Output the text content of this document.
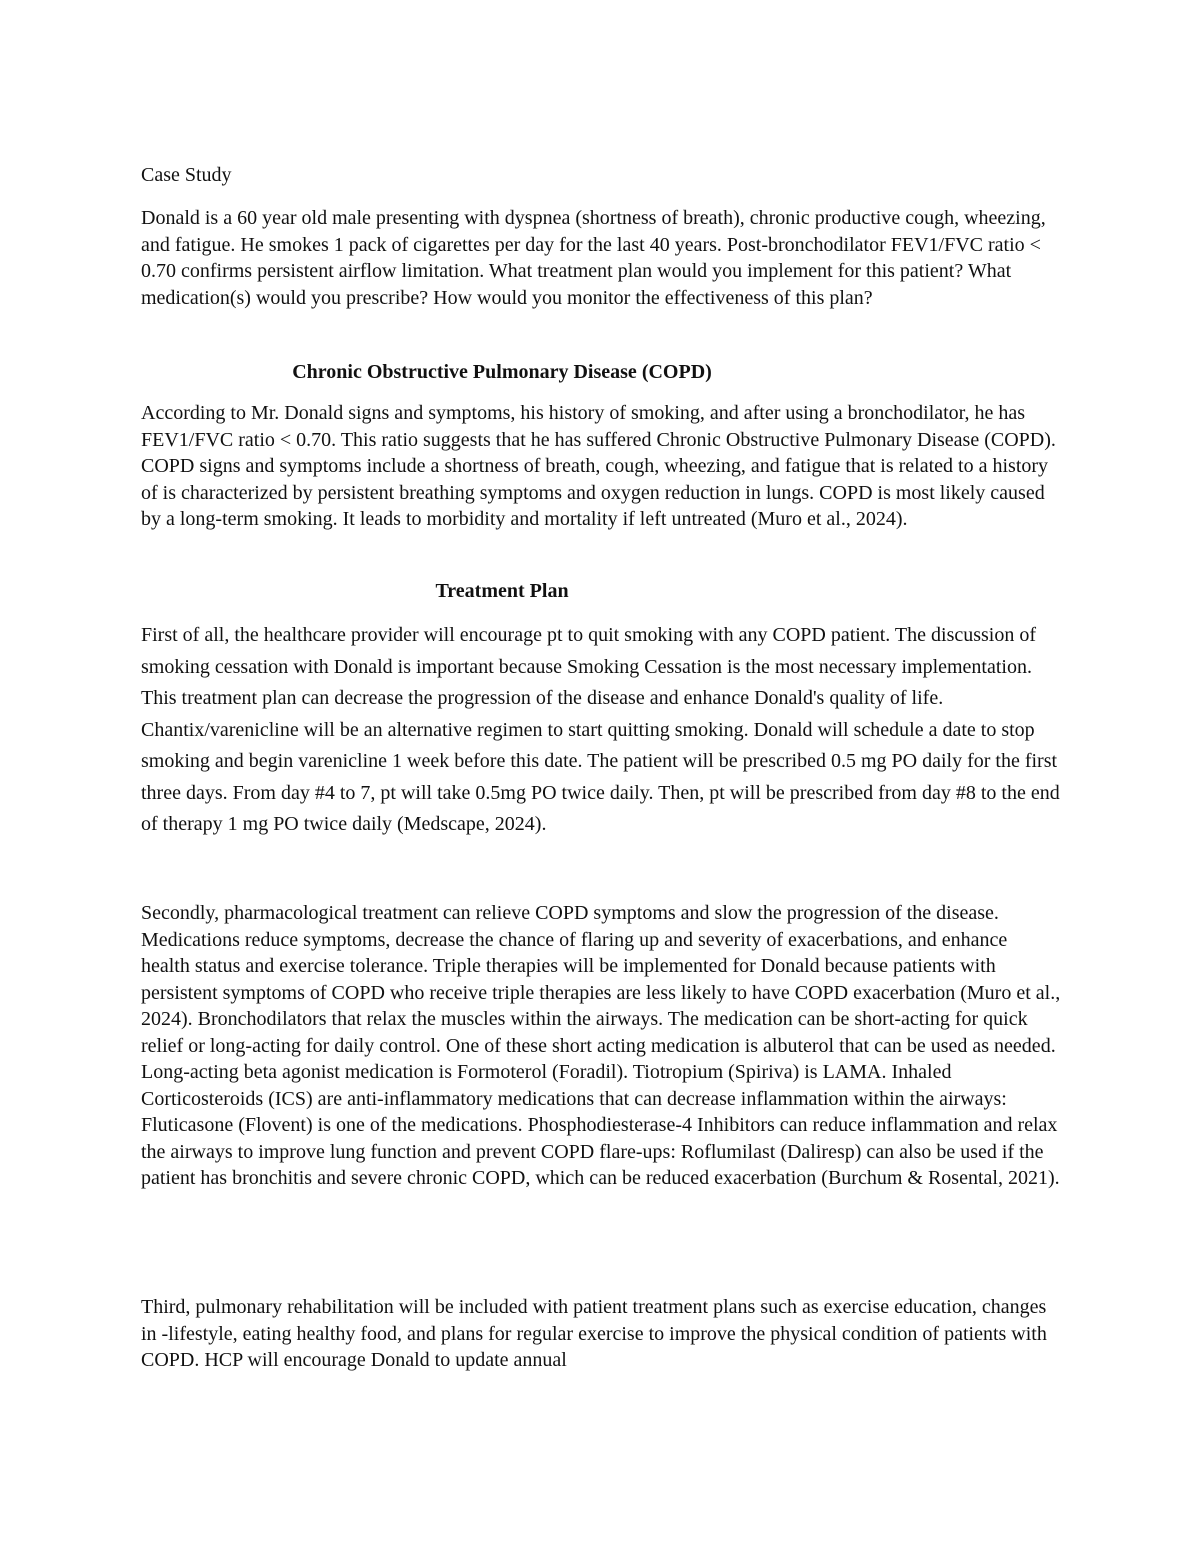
Case Study

Donald is a 60 year old male presenting with dyspnea (shortness of breath), chronic productive cough, wheezing, and fatigue. He smokes 1 pack of cigarettes per day for the last 40 years. Post-bronchodilator FEV1/FVC ratio < 0.70 confirms persistent airflow limitation. What treatment plan would you implement for this patient? What medication(s) would you prescribe? How would you monitor the effectiveness of this plan?

Chronic Obstructive Pulmonary Disease (COPD)

According to Mr. Donald signs and symptoms, his history of smoking, and after using a bronchodilator, he has FEV1/FVC ratio < 0.70. This ratio suggests that he has suffered Chronic Obstructive Pulmonary Disease (COPD). COPD signs and symptoms include a shortness of breath, cough, wheezing, and fatigue that is related to a history of is characterized by persistent breathing symptoms and oxygen reduction in lungs. COPD is most likely caused by a long-term smoking. It leads to morbidity and mortality if left untreated (Muro et al., 2024).

Treatment Plan

First of all, the healthcare provider will encourage pt to quit smoking with any COPD patient. The discussion of smoking cessation with Donald is important because Smoking Cessation is the most necessary implementation. This treatment plan can decrease the progression of the disease and enhance Donald's quality of life. Chantix/varenicline will be an alternative regimen to start quitting smoking. Donald will schedule a date to stop smoking and begin varenicline 1 week before this date. The patient will be prescribed 0.5 mg PO daily for the first three days. From day #4 to 7, pt will take 0.5mg PO twice daily. Then, pt will be prescribed from day #8 to the end of therapy 1 mg PO twice daily (Medscape, 2024).

Secondly, pharmacological treatment can relieve COPD symptoms and slow the progression of the disease. Medications reduce symptoms, decrease the chance of flaring up and severity of exacerbations, and enhance health status and exercise tolerance. Triple therapies will be implemented for Donald because patients with persistent symptoms of COPD who receive triple therapies are less likely to have COPD exacerbation (Muro et al., 2024). Bronchodilators that relax the muscles within the airways. The medication can be short-acting for quick relief or long-acting for daily control. One of these short acting medication is albuterol that can be used as needed. Long-acting beta agonist medication is Formoterol (Foradil). Tiotropium (Spiriva) is LAMA. Inhaled Corticosteroids (ICS) are anti-inflammatory medications that can decrease inflammation within the airways: Fluticasone (Flovent) is one of the medications. Phosphodiesterase-4 Inhibitors can reduce inflammation and relax the airways to improve lung function and prevent COPD flare-ups: Roflumilast (Daliresp) can also be used if the patient has bronchitis and severe chronic COPD, which can be reduced exacerbation (Burchum & Rosental, 2021).

Third, pulmonary rehabilitation will be included with patient treatment plans such as exercise education, changes in -lifestyle, eating healthy food, and plans for regular exercise to improve the physical condition of patients with COPD. HCP will encourage Donald to update annual
